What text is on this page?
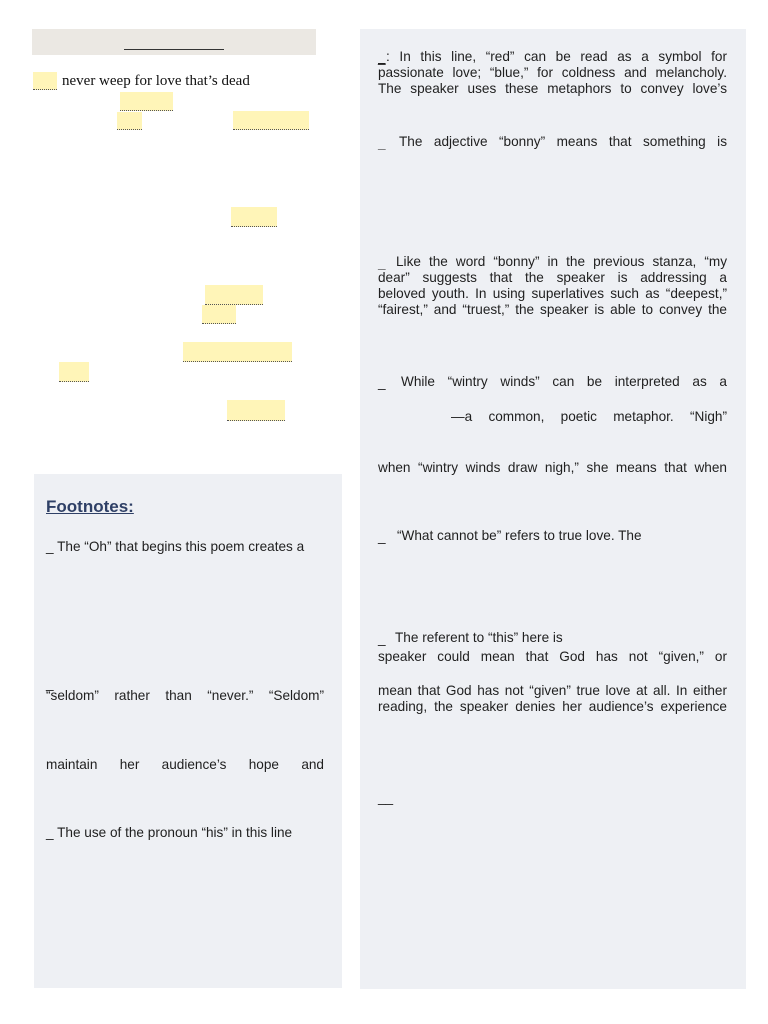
never weep for love that’s dead
Footnotes:
_ The “Oh” that begins this poem creates a
_
“seldom” rather than “never.” “Seldom”
maintain her audience’s hope and
_ The use of the pronoun “his” in this line
_ : In this line, “red” can be read as a symbol for
passionate love; “blue,” for coldness and melancholy.
The speaker uses these metaphors to convey love’s
_ The adjective “bonny” means that something is
_ Like the word “bonny” in the previous stanza, “my
dear” suggests that the speaker is addressing a
beloved youth. In using superlatives such as “deepest,”
“fairest,” and “truest,” the speaker is able to convey the
_ While “wintry winds” can be interpreted as a
—a common, poetic metaphor. “Nigh”
when “wintry winds draw nigh,” she means that when
_ “What cannot be” refers to true love. The
_ The referent to “this” here is
speaker could mean that God has not “given,” or
mean that God has not “given” true love at all. In either
reading, the speaker denies her audience’s experience
__
